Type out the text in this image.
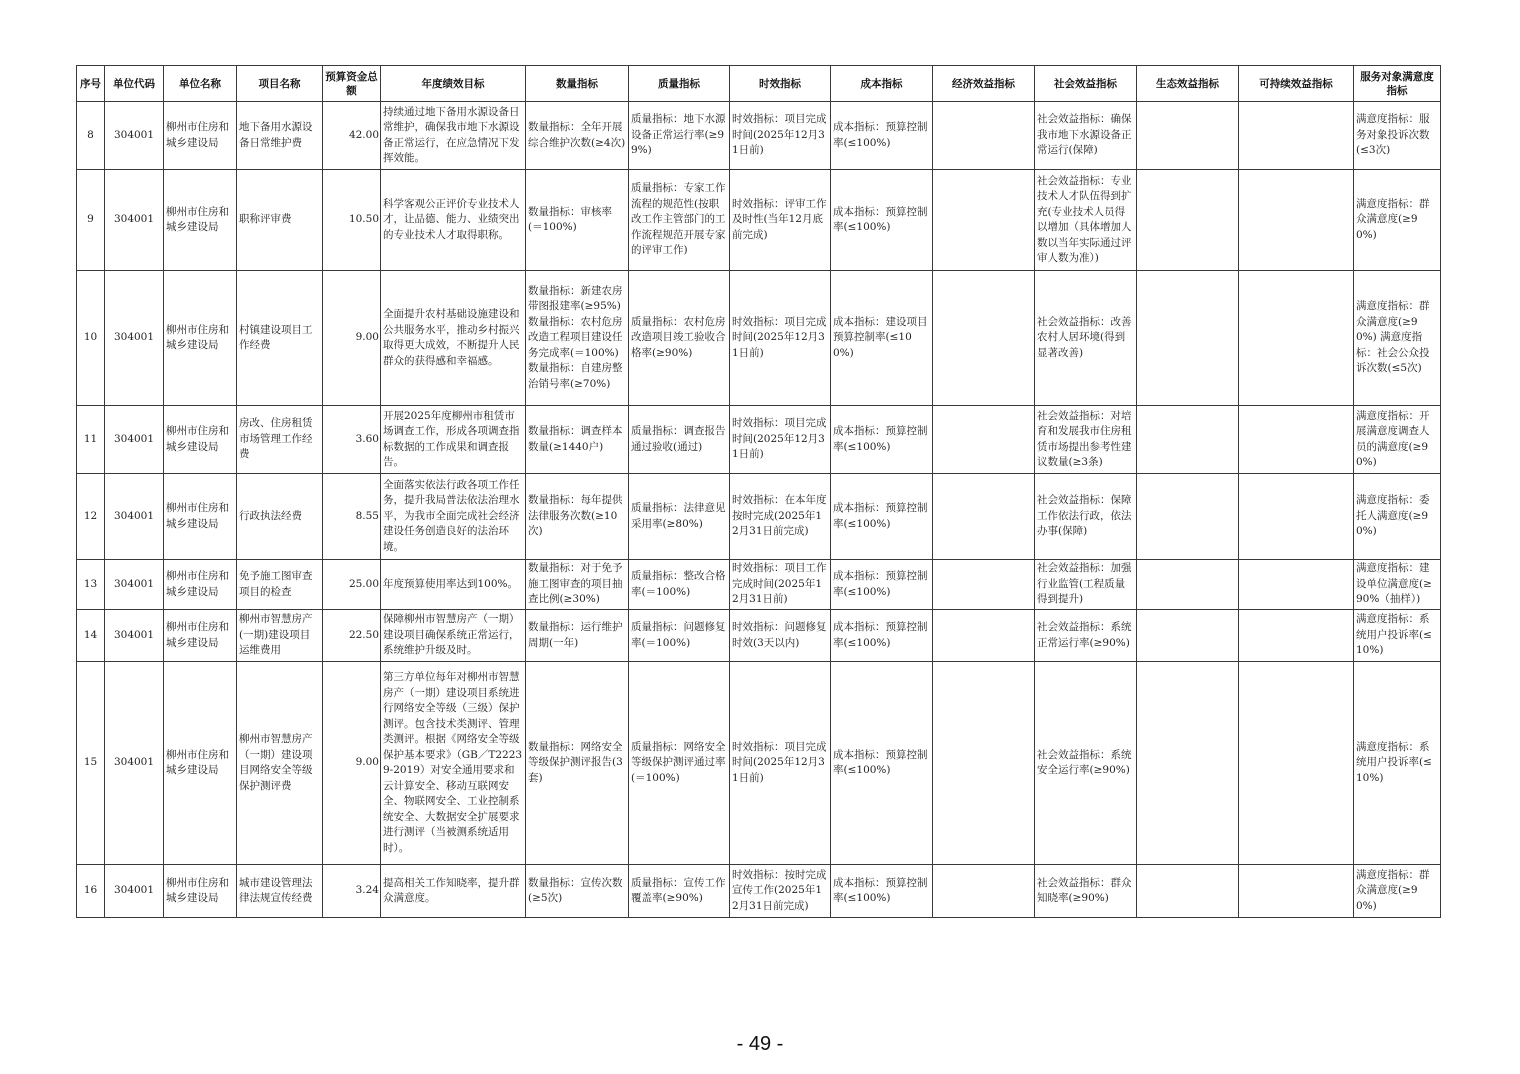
序号	单位代码	单位名称	项目名称	预算资金总额	年度绩效目标	数量指标	质量指标	时效指标	成本指标	经济效益指标	社会效益指标	生态效益指标	可持续效益指标	服务对象满意度指标
8	304001	柳州市住房和城乡建设局	地下备用水源设备日常维护费	42.00	持续通过地下备用水源设备日常维护，确保我市地下水源设备正常运行，在应急情况下发挥效能。	数量指标：全年开展综合维护次数(≥4次)	质量指标：地下水源设备正常运行率(≥99%)	时效指标：项目完成时间(2025年12月31日前)	成本指标：预算控制率(≤100%)		社会效益指标：确保我市地下水源设备正常运行(保障)			满意度指标：服务对象投诉次数(≤3次)
9	304001	柳州市住房和城乡建设局	职称评审费	10.50	科学客观公正评价专业技术人才，让品德、能力、业绩突出的专业技术人才取得职称。	数量指标：审核率(＝100%)	质量指标：专家工作流程的规范性(按职改工作主管部门的工作流程规范开展专家的评审工作)	时效指标：评审工作及时性(当年12月底前完成)	成本指标：预算控制率(≤100%)		社会效益指标：专业技术人才队伍得到扩充(专业技术人员得以增加（具体增加人数以当年实际通过评审人数为准）)			满意度指标：群众满意度(≥90%)
10	304001	柳州市住房和城乡建设局	村镇建设项目工作经费	9.00	全面提升农村基础设施建设和公共服务水平，推动乡村振兴取得更大成效，不断提升人民群众的获得感和幸福感。	数量指标：新建农房带图报建率(≥95%) 数量指标：农村危房改造工程项目建设任务完成率(＝100%) 数量指标：自建房整治销号率(≥70%)	质量指标：农村危房改造项目竣工验收合格率(≥90%)	时效指标：项目完成时间(2025年12月31日前)	成本指标：建设项目预算控制率(≤100%)		社会效益指标：改善农村人居环境(得到显著改善)			满意度指标：群众满意度(≥90%) 满意度指标：社会公众投诉次数(≤5次)
11	304001	柳州市住房和城乡建设局	房改、住房租赁市场管理工作经费	3.60	开展2025年度柳州市租赁市场调查工作，形成各项调查指标数据的工作成果和调查报告。	数量指标：调查样本数量(≥1440户)	质量指标：调查报告通过验收(通过)	时效指标：项目完成时间(2025年12月31日前)	成本指标：预算控制率(≤100%)		社会效益指标：对培育和发展我市住房租赁市场提出参考性建议数量(≥3条)			满意度指标：开展满意度调查人员的满意度(≥90%)
12	304001	柳州市住房和城乡建设局	行政执法经费	8.55	全面落实依法行政各项工作任务，提升我局普法依法治理水平，为我市全面完成社会经济建设任务创造良好的法治环境。	数量指标：每年提供法律服务次数(≥10次)	质量指标：法律意见采用率(≥80%)	时效指标：在本年度按时完成(2025年12月31日前完成)	成本指标：预算控制率(≤100%)		社会效益指标：保障工作依法行政，依法办事(保障)			满意度指标：委托人满意度(≥90%)
13	304001	柳州市住房和城乡建设局	免予施工图审查项目的检查	25.00	年度预算使用率达到100%。	数量指标：对于免予施工图审查的项目抽查比例(≥30%)	质量指标：整改合格率(＝100%)	时效指标：项目工作完成时间(2025年12月31日前)	成本指标：预算控制率(≤100%)		社会效益指标：加强行业监管(工程质量得到提升)			满意度指标：建设单位满意度(≥90%（抽样）)
14	304001	柳州市住房和城乡建设局	柳州市智慧房产(一期)建设项目运维费用	22.50	保障柳州市智慧房产（一期）建设项目确保系统正常运行，系统维护升级及时。	数量指标：运行维护周期(一年)	质量指标：问题修复率(＝100%)	时效指标：问题修复时效(3天以内)	成本指标：预算控制率(≤100%)		社会效益指标：系统正常运行率(≥90%)			满意度指标：系统用户投诉率(≤10%)
15	304001	柳州市住房和城乡建设局	柳州市智慧房产（一期）建设项目网络安全等级保护测评费	9.00	第三方单位每年对柳州市智慧房产（一期）建设项目系统进行网络安全等级（三级）保护测评。包含技术类测评、管理类测评。根据《网络安全等级保护基本要求》（GB／T22239-2019）对安全通用要求和云计算安全、移动互联网安全、物联网安全、工业控制系统安全、大数据安全扩展要求进行测评（当被测系统适用时）。	数量指标：网络安全等级保护测评报告(3套)	质量指标：网络安全等级保护测评通过率(＝100%)	时效指标：项目完成时间(2025年12月31日前)	成本指标：预算控制率(≤100%)		社会效益指标：系统安全运行率(≥90%)			满意度指标：系统用户投诉率(≤10%)
16	304001	柳州市住房和城乡建设局	城市建设管理法律法规宣传经费	3.24	提高相关工作知晓率，提升群众满意度。	数量指标：宣传次数(≥5次)	质量指标：宣传工作覆盖率(≥90%)	时效指标：按时完成宣传工作(2025年12月31日前完成)	成本指标：预算控制率(≤100%)		社会效益指标：群众知晓率(≥90%)			满意度指标：群众满意度(≥90%)
- 49 -
